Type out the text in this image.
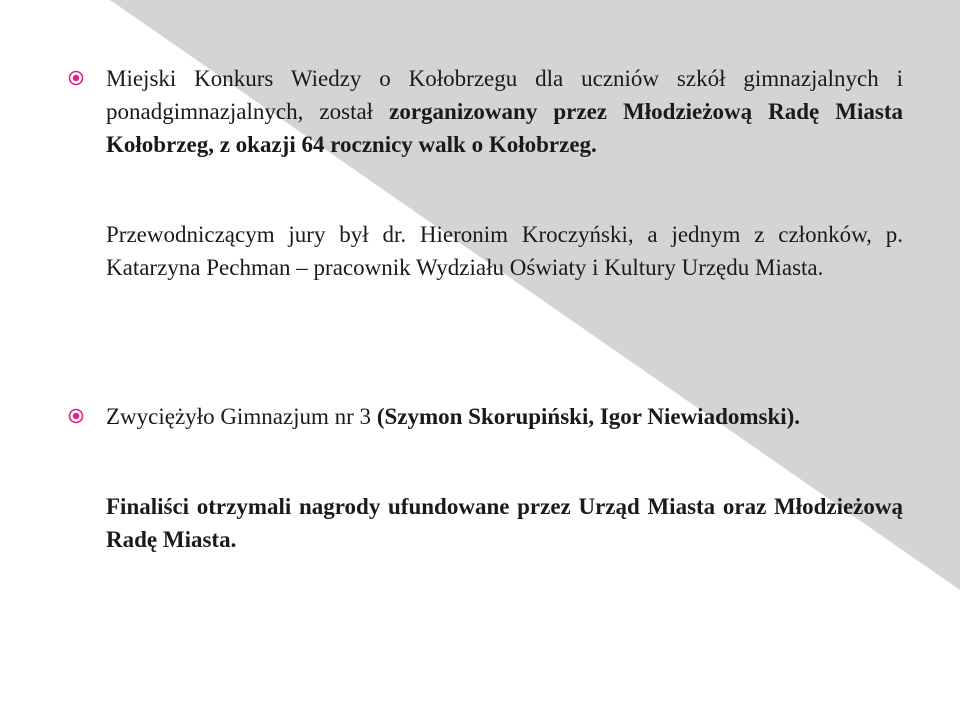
Miejski Konkurs Wiedzy o Kołobrzegu dla uczniów szkół gimnazjalnych i ponadgimnazjalnych, został zorganizowany przez Młodzieżową Radę Miasta Kołobrzeg, z okazji 64 rocznicy walk o Kołobrzeg.

Przewodniczącym jury był dr. Hieronim Kroczyński, a jednym z członków, p. Katarzyna Pechman – pracownik Wydziału Oświaty i Kultury Urzędu Miasta.

Zwyciężyło Gimnazjum nr 3 (Szymon Skorupiński, Igor Niewiadomski).

Finaliści otrzymali nagrody ufundowane przez Urząd Miasta oraz Młodzieżową Radę Miasta.
